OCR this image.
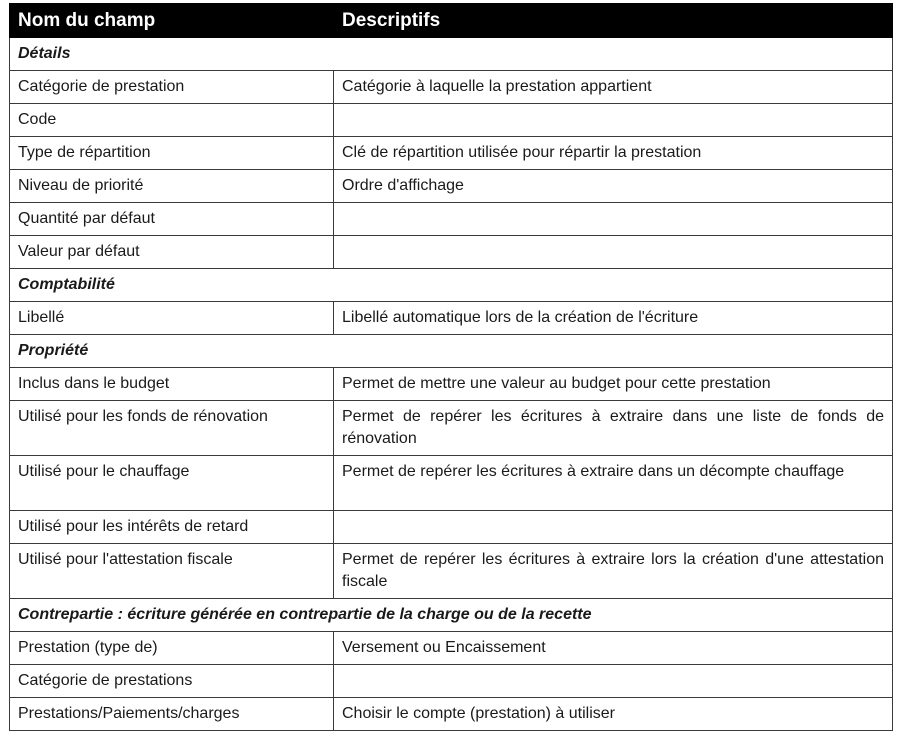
Nom du champ	Descriptifs
Détails	
Catégorie de prestation	Catégorie à laquelle la prestation appartient
Code	
Type de répartition	Clé de répartition utilisée pour répartir la prestation
Niveau de priorité	Ordre d'affichage
Quantité par défaut	
Valeur par défaut	
Comptabilité	
Libellé	Libellé automatique lors de la création de l'écriture
Propriété	
Inclus dans le budget	Permet de mettre une valeur au budget pour cette prestation
Utilisé pour les fonds de rénovation	Permet de repérer les écritures à extraire dans une liste de fonds de rénovation
Utilisé pour le chauffage	Permet de repérer les écritures à extraire dans un décompte chauffage
Utilisé pour les intérêts de retard	
Utilisé pour l'attestation fiscale	Permet de repérer les écritures à extraire lors la création d'une attestation fiscale
Contrepartie : écriture générée en contrepartie de la charge ou de la recette	
Prestation (type de)	Versement ou Encaissement
Catégorie de prestations	
Prestations/Paiements/charges	Choisir le compte (prestation) à utiliser
